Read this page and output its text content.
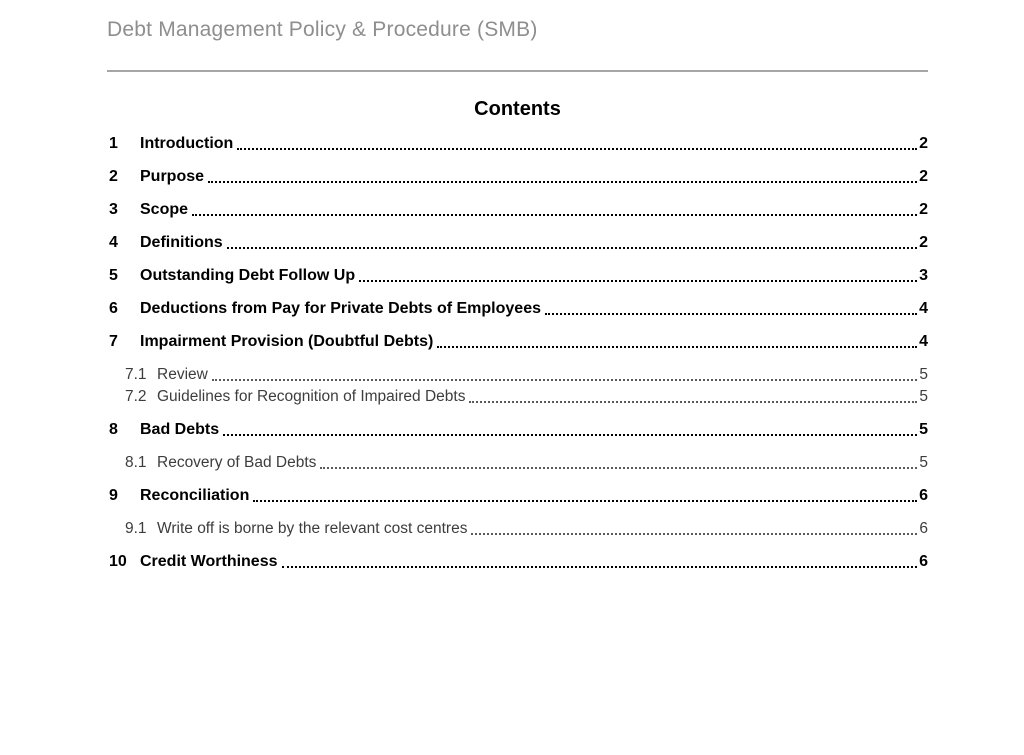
Debt Management Policy & Procedure (SMB)
Contents
1	Introduction	2
2	Purpose	2
3	Scope	2
4	Definitions	2
5	Outstanding Debt Follow Up	3
6	Deductions from Pay for Private Debts of Employees	4
7	Impairment Provision (Doubtful Debts)	4
7.1 Review	5
7.2 Guidelines for Recognition of Impaired Debts	5
8	Bad Debts	5
8.1 Recovery of Bad Debts	5
9	Reconciliation	6
9.1 Write off is borne by the relevant cost centres	6
10 Credit Worthiness	6
